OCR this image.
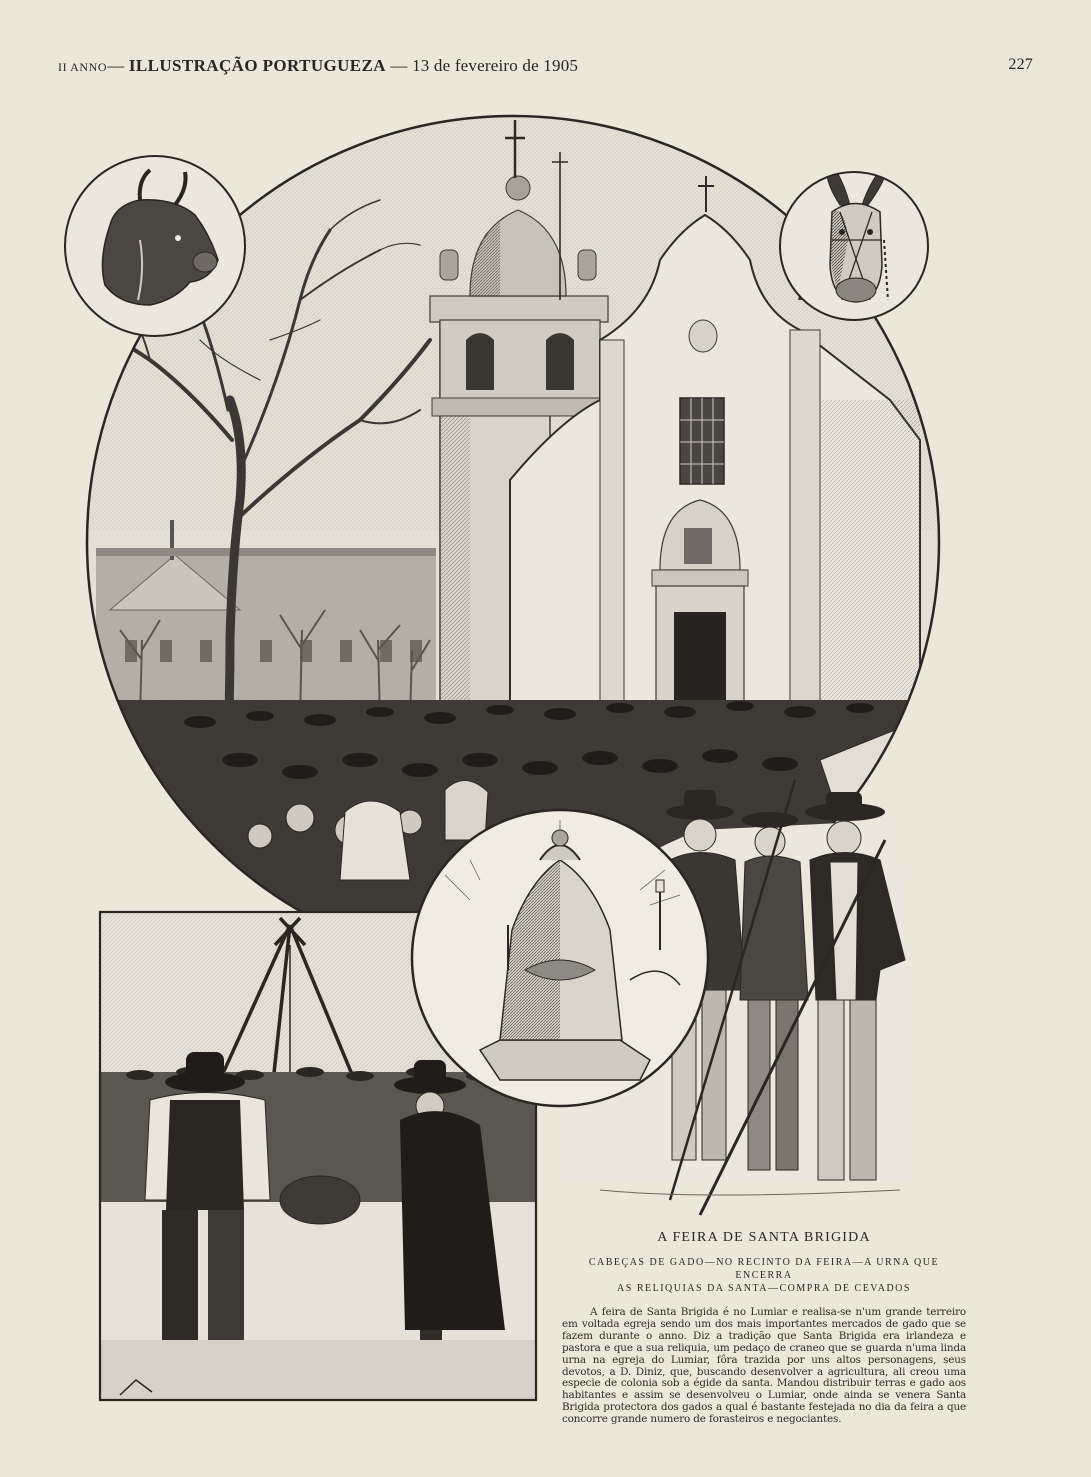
II ANNO— ILLUSTRAÇÃO PORTUGUEZA — 13 de fevereiro de 1905	227
A FEIRA DE SANTA BRIGIDA
CABEÇAS DE GADO—NO RECINTO DA FEIRA—A URNA QUE ENCERRA
AS RELIQUIAS DA SANTA—COMPRA DE CEVADOS
A feira de Santa Brigida é no Lumiar e realisa-se n'um grande terreiro em voltada egreja sendo um dos mais importantes mercados de gado que se fazem durante o anno. Diz a tradição que Santa Brigida era irlandeza e pastora e que a sua reliquia, um pedaço de craneo que se guarda n'uma linda urna na egreja do Lumiar, fôra trazida por uns altos personagens, seus devotos, a D. Diniz, que, buscando desenvolver a agricultura, ali creou uma especie de colonia sob a égide da santa. Mandou distribuir terras e gado aos habitantes e assim se desenvolveu o Lumiar, onde ainda se venera Santa Brigida protectora dos gados a qual é bastante festejada no dia da feira a que concorre grande numero de forasteiros e negociantes.
